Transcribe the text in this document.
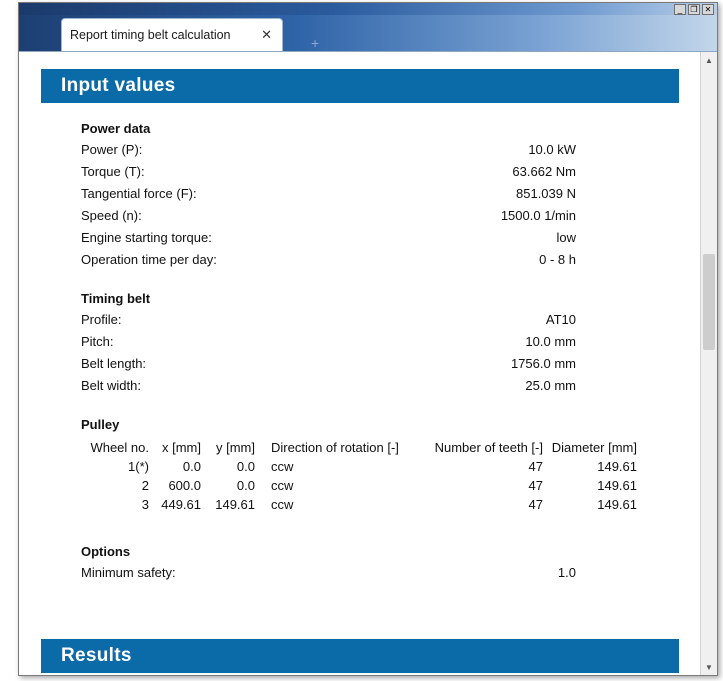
_	❐ ✕
Report timing belt calculation	✕
+
Input values
Power data
Power (P):	10.0 kW
Torque (T):	63.662 Nm
Tangential force (F):	851.039 N
Speed (n):	1500.0 1/min
Engine starting torque:	low
Operation time per day:	0 - 8 h
Timing belt
Profile:	AT10
Pitch:	10.0 mm
Belt length:	1756.0 mm
Belt width:	25.0 mm
Pulley
Wheel no.	x [mm]	y [mm]	Direction of rotation [-]	Number of teeth [-]	Diameter [mm]
1(*)	0.0	0.0	ccw	47	149.61
2	600.0	0.0	ccw	47	149.61
3	449.61	149.61	ccw	47	149.61
Options
Minimum safety:	1.0
Results
▲
▼
